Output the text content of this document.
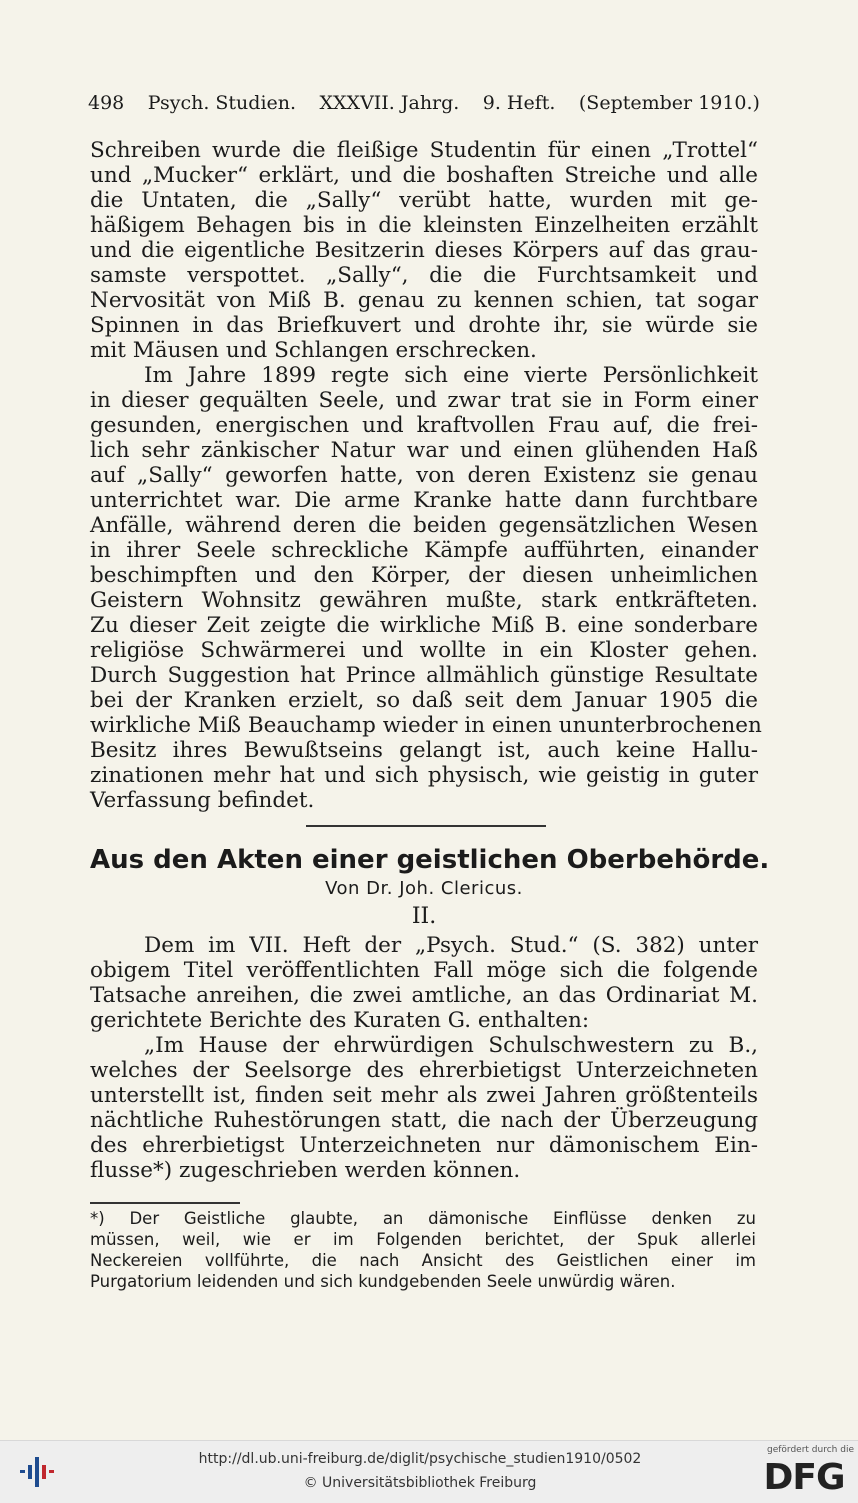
498 Psych. Studien. XXXVII. Jahrg. 9. Heft. (September 1910.)
Schreiben wurde die fleißige Studentin für einen „Trottel“
und „Mucker“ erklärt, und die boshaften Streiche und alle
die Untaten, die „Sally“ verübt hatte, wurden mit ge-
häßigem Behagen bis in die kleinsten Einzelheiten erzählt
und die eigentliche Besitzerin dieses Körpers auf das grau-
samste verspottet. „Sally“, die die Furchtsamkeit und
Nervosität von Miß B. genau zu kennen schien, tat sogar
Spinnen in das Briefkuvert und drohte ihr, sie würde sie
mit Mäusen und Schlangen erschrecken.
Im Jahre 1899 regte sich eine vierte Persönlichkeit
in dieser gequälten Seele, und zwar trat sie in Form einer
gesunden, energischen und kraftvollen Frau auf, die frei-
lich sehr zänkischer Natur war und einen glühenden Haß
auf „Sally“ geworfen hatte, von deren Existenz sie genau
unterrichtet war. Die arme Kranke hatte dann furchtbare
Anfälle, während deren die beiden gegensätzlichen Wesen
in ihrer Seele schreckliche Kämpfe aufführten, einander
beschimpften und den Körper, der diesen unheimlichen
Geistern Wohnsitz gewähren mußte, stark entkräfteten.
Zu dieser Zeit zeigte die wirkliche Miß B. eine sonderbare
religiöse Schwärmerei und wollte in ein Kloster gehen.
Durch Suggestion hat Prince allmählich günstige Resultate
bei der Kranken erzielt, so daß seit dem Januar 1905 die
wirkliche Miß Beauchamp wieder in einen ununterbrochenen
Besitz ihres Bewußtseins gelangt ist, auch keine Hallu-
zinationen mehr hat und sich physisch, wie geistig in guter
Verfassung befindet.
Aus den Akten einer geistlichen Oberbehörde.
Von Dr. Joh. Clericus.
II.
Dem im VII. Heft der „Psych. Stud.“ (S. 382) unter
obigem Titel veröffentlichten Fall möge sich die folgende
Tatsache anreihen, die zwei amtliche, an das Ordinariat M.
gerichtete Berichte des Kuraten G. enthalten:
„Im Hause der ehrwürdigen Schulschwestern zu B.,
welches der Seelsorge des ehrerbietigst Unterzeichneten
unterstellt ist, finden seit mehr als zwei Jahren größtenteils
nächtliche Ruhestörungen statt, die nach der Überzeugung
des ehrerbietigst Unterzeichneten nur dämonischem Ein-
flusse*) zugeschrieben werden können.
*) Der Geistliche glaubte, an dämonische Einflüsse denken zu
müssen, weil, wie er im Folgenden berichtet, der Spuk allerlei
Neckereien vollführte, die nach Ansicht des Geistlichen einer im
Purgatorium leidenden und sich kundgebenden Seele unwürdig wären.
http://dl.ub.uni-freiburg.de/diglit/psychische_studien1910/0502
© Universitätsbibliothek Freiburg
gefördert durch die
DFG
